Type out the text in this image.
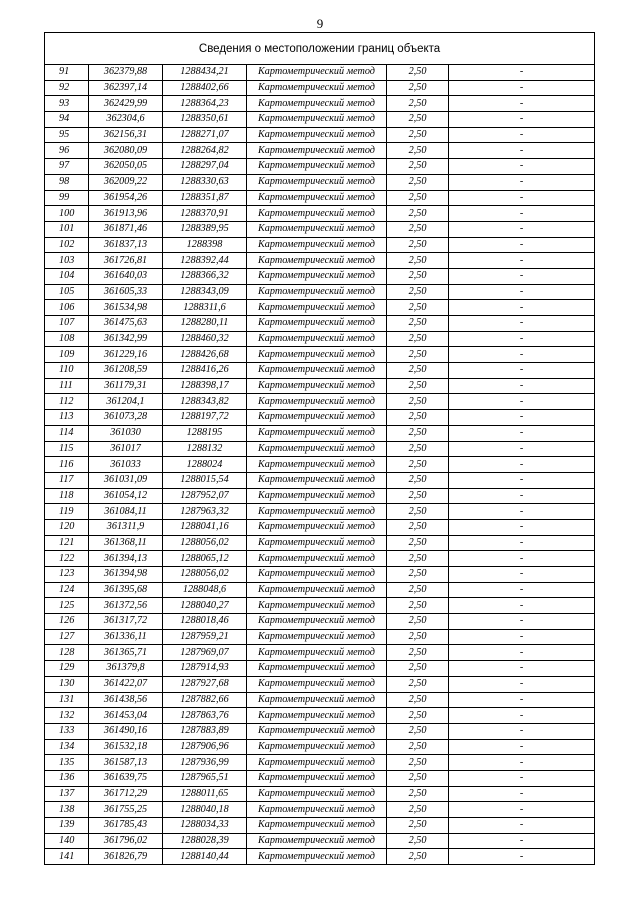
9
Сведения о местоположении границ объекта					
91	362379,88	1288434,21	Картометрический метод	2,50	-
92	362397,14	1288402,66	Картометрический метод	2,50	-
93	362429,99	1288364,23	Картометрический метод	2,50	-
94	362304,6	1288350,61	Картометрический метод	2,50	-
95	362156,31	1288271,07	Картометрический метод	2,50	-
96	362080,09	1288264,82	Картометрический метод	2,50	-
97	362050,05	1288297,04	Картометрический метод	2,50	-
98	362009,22	1288330,63	Картометрический метод	2,50	-
99	361954,26	1288351,87	Картометрический метод	2,50	-
100	361913,96	1288370,91	Картометрический метод	2,50	-
101	361871,46	1288389,95	Картометрический метод	2,50	-
102	361837,13	1288398	Картометрический метод	2,50	-
103	361726,81	1288392,44	Картометрический метод	2,50	-
104	361640,03	1288366,32	Картометрический метод	2,50	-
105	361605,33	1288343,09	Картометрический метод	2,50	-
106	361534,98	1288311,6	Картометрический метод	2,50	-
107	361475,63	1288280,11	Картометрический метод	2,50	-
108	361342,99	1288460,32	Картометрический метод	2,50	-
109	361229,16	1288426,68	Картометрический метод	2,50	-
110	361208,59	1288416,26	Картометрический метод	2,50	-
111	361179,31	1288398,17	Картометрический метод	2,50	-
112	361204,1	1288343,82	Картометрический метод	2,50	-
113	361073,28	1288197,72	Картометрический метод	2,50	-
114	361030	1288195	Картометрический метод	2,50	-
115	361017	1288132	Картометрический метод	2,50	-
116	361033	1288024	Картометрический метод	2,50	-
117	361031,09	1288015,54	Картометрический метод	2,50	-
118	361054,12	1287952,07	Картометрический метод	2,50	-
119	361084,11	1287963,32	Картометрический метод	2,50	-
120	361311,9	1288041,16	Картометрический метод	2,50	-
121	361368,11	1288056,02	Картометрический метод	2,50	-
122	361394,13	1288065,12	Картометрический метод	2,50	-
123	361394,98	1288056,02	Картометрический метод	2,50	-
124	361395,68	1288048,6	Картометрический метод	2,50	-
125	361372,56	1288040,27	Картометрический метод	2,50	-
126	361317,72	1288018,46	Картометрический метод	2,50	-
127	361336,11	1287959,21	Картометрический метод	2,50	-
128	361365,71	1287969,07	Картометрический метод	2,50	-
129	361379,8	1287914,93	Картометрический метод	2,50	-
130	361422,07	1287927,68	Картометрический метод	2,50	-
131	361438,56	1287882,66	Картометрический метод	2,50	-
132	361453,04	1287863,76	Картометрический метод	2,50	-
133	361490,16	1287883,89	Картометрический метод	2,50	-
134	361532,18	1287906,96	Картометрический метод	2,50	-
135	361587,13	1287936,99	Картометрический метод	2,50	-
136	361639,75	1287965,51	Картометрический метод	2,50	-
137	361712,29	1288011,65	Картометрический метод	2,50	-
138	361755,25	1288040,18	Картометрический метод	2,50	-
139	361785,43	1288034,33	Картометрический метод	2,50	-
140	361796,02	1288028,39	Картометрический метод	2,50	-
141	361826,79	1288140,44	Картометрический метод	2,50	-
